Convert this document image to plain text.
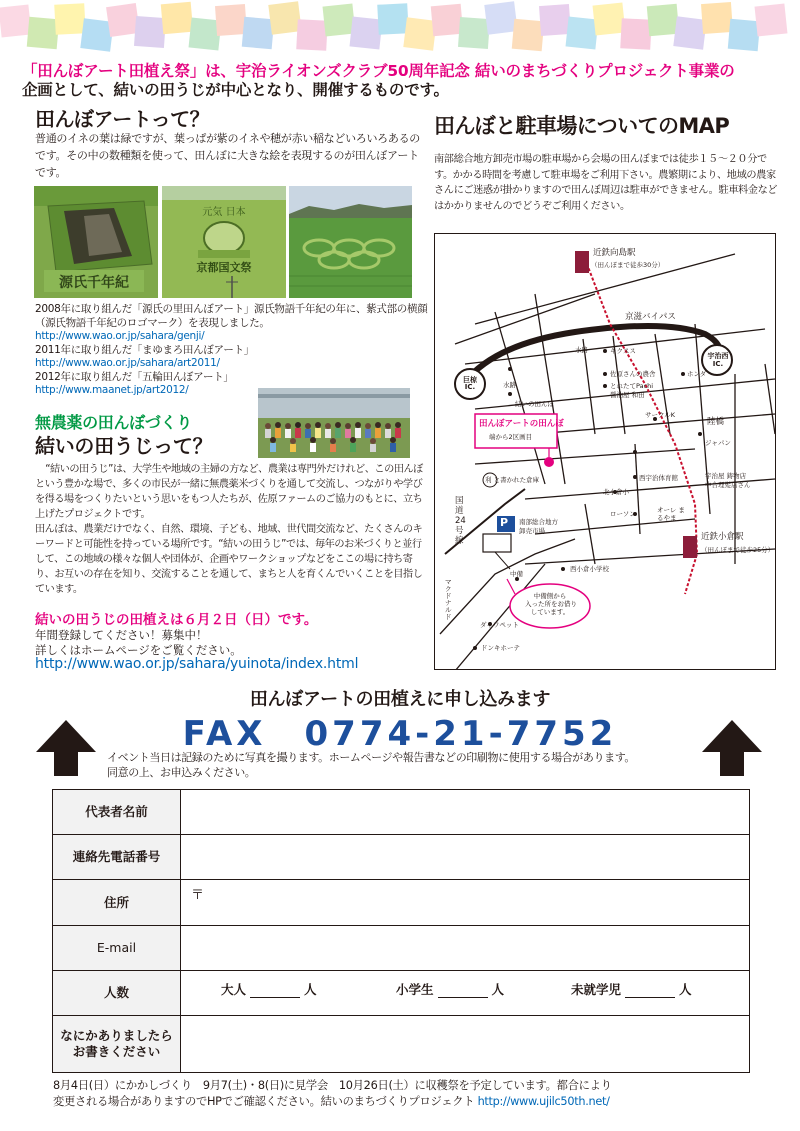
「田んぼアート田植え祭」は、宇治ライオンズクラブ50周年記念 結いのまちづくりプロジェクト事業の
企画として、結いの田うじが中心となり、開催するものです。
田んぼアートって？
普通のイネの葉は緑ですが、葉っぱが紫のイネや穂が赤い稲などいろいろあるのです。その中の数種類を使って、田んぼに大きな絵を表現するのが田んぼアートです。
源氏千年紀
元気 日本
京都国文祭
2008年に取り組んだ「源氏の里田んぼアート」源氏物語千年紀の年に、紫式部の横顔（源氏物語千年紀のロゴマーク）を表現しました。
http://www.wao.or.jp/sahara/genji/
2011年に取り組んだ「まゆまろ田んぼアート」
http://www.wao.or.jp/sahara/art2011/
2012年に取り組んだ「五輪田んぼアート」
http://www.maanet.jp/art2012/
無農薬の田んぼづくり
結いの田うじって？
“結いの田うじ”は、大学生や地域の主婦の方など、農業は専門外だけれど、この田んぼという豊かな場で、多くの市民が一緒に無農薬米づくりを通して交流し、つながりや学びを得る場をつくりたいという思いをもつ人たちが、佐原ファームのご協力のもとに、立ち上げたプロジェクトです。
田んぼは、農業だけでなく、自然、環境、子ども、地域、世代間交流など、たくさんのキーワードと可能性を持っている場所です。“結いの田うじ”では、毎年のお米づくりと並行して、この地域の様々な個人や団体が、企画やワークショップなどをここの場に持ち寄り、お互いの存在を知り、交流することを通して、まちと人を育くんでいくことを目指しています。
結いの田うじの田植えは６月２日（日）です。
年間登録してください！募集中！
詳しくはホームページをご覧ください。
http://www.wao.or.jp/sahara/yuinota/index.html
田んぼと駐車場についてのMAP
南部総合地方卸売市場の駐車場から会場の田んぼまでは徒歩１５～２０分です。かかる時間を考慮して駐車場をご利用下さい。農繁期により、地域の農家さんにご迷惑が掛かりますので田んぼ周辺は駐車ができません。駐車料金などはかかりませんのでどうぞご利用ください。
近鉄向島駅
（田んぼまで徒歩30分）
京滋バイパス
巨椋
IC.
宇治西
IC.
水路
水路
キクスス
佐原さんの農舎
とれたてPachi
醤油屋 和田
ホンダ
サークルK
陸橋
ジャパン
結いの田んぼ
田んぼアートの田んぼ
端から2区画目
宇治屋 鋳物店
中合理髪店さん
西宇治体育館
北小倉小
利 と書かれた倉庫
ローソン	オーレ まるやま
近鉄小倉駅
（田んぼまで徒歩25分）
国道24号線
P 南部総合地方
卸売市場
中備
西小倉小学校
中備側から
入った所をお借り
しています。
マクドナルド
ダイワペット
ドンキホーテ
田んぼアートの田植えに申し込みます
FAX　0774-21-7752
イベント当日は記録のために写真を撮ります。ホームページや報告書などの印刷物に使用する場合があります。
同意の上、お申込みください。
代表者名前
連絡先電話番号
住所	〒
E-mail
人数	大人	人	小学生	人	未就学児	人
なにかありましたら
お書きください
8月4日(日）にかかしづくり　9月7(土)・8(日)に見学会　10月26日(土）に収穫祭を予定しています。都合により
変更される場合がありますのでHPでご確認ください。結いのまちづくりプロジェクト http://www.ujilc50th.net/
